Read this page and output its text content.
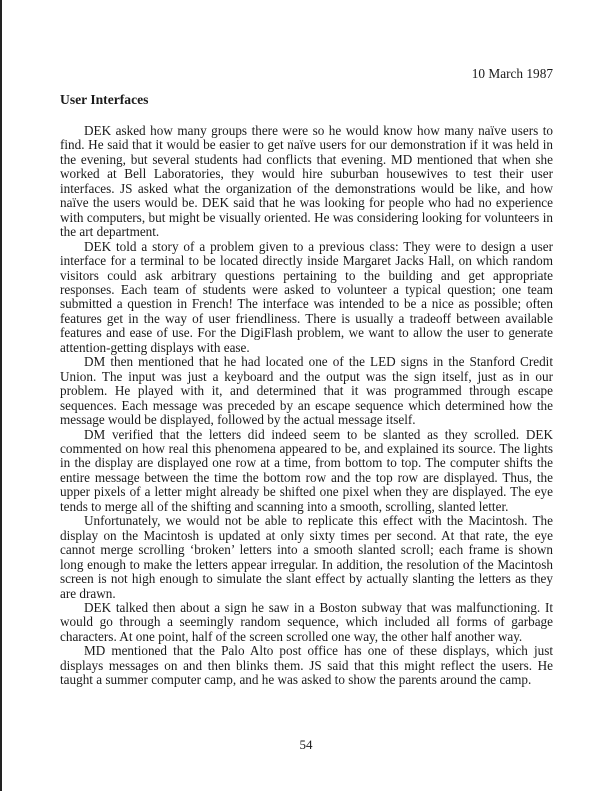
10 March 1987
User Interfaces

DEK asked how many groups there were so he would know how many naïve users to find. He said that it would be easier to get naïve users for our demonstration if it was held in the evening, but several students had conflicts that evening. MD mentioned that when she worked at Bell Laboratories, they would hire suburban housewives to test their user interfaces. JS asked what the organization of the demonstrations would be like, and how naïve the users would be. DEK said that he was looking for people who had no experience with computers, but might be visually oriented. He was considering looking for volunteers in the art department.

DEK told a story of a problem given to a previous class: They were to design a user interface for a terminal to be located directly inside Margaret Jacks Hall, on which random visitors could ask arbitrary questions pertaining to the building and get appropriate responses. Each team of students were asked to volunteer a typical question; one team submitted a question in French! The interface was intended to be a nice as possible; often features get in the way of user friendliness. There is usually a tradeoff between available features and ease of use. For the DigiFlash problem, we want to allow the user to generate attention-getting displays with ease.

DM then mentioned that he had located one of the LED signs in the Stanford Credit Union. The input was just a keyboard and the output was the sign itself, just as in our problem. He played with it, and determined that it was programmed through escape sequences. Each message was preceded by an escape sequence which determined how the message would be displayed, followed by the actual message itself.

DM verified that the letters did indeed seem to be slanted as they scrolled. DEK commented on how real this phenomena appeared to be, and explained its source. The lights in the display are displayed one row at a time, from bottom to top. The computer shifts the entire message between the time the bottom row and the top row are displayed. Thus, the upper pixels of a letter might already be shifted one pixel when they are displayed. The eye tends to merge all of the shifting and scanning into a smooth, scrolling, slanted letter.

Unfortunately, we would not be able to replicate this effect with the Macintosh. The display on the Macintosh is updated at only sixty times per second. At that rate, the eye cannot merge scrolling ‘broken’ letters into a smooth slanted scroll; each frame is shown long enough to make the letters appear irregular. In addition, the resolution of the Macintosh screen is not high enough to simulate the slant effect by actually slanting the letters as they are drawn.

DEK talked then about a sign he saw in a Boston subway that was malfunctioning. It would go through a seemingly random sequence, which included all forms of garbage characters. At one point, half of the screen scrolled one way, the other half another way.

MD mentioned that the Palo Alto post office has one of these displays, which just displays messages on and then blinks them. JS said that this might reflect the users. He taught a summer computer camp, and he was asked to show the parents around the camp.

54
